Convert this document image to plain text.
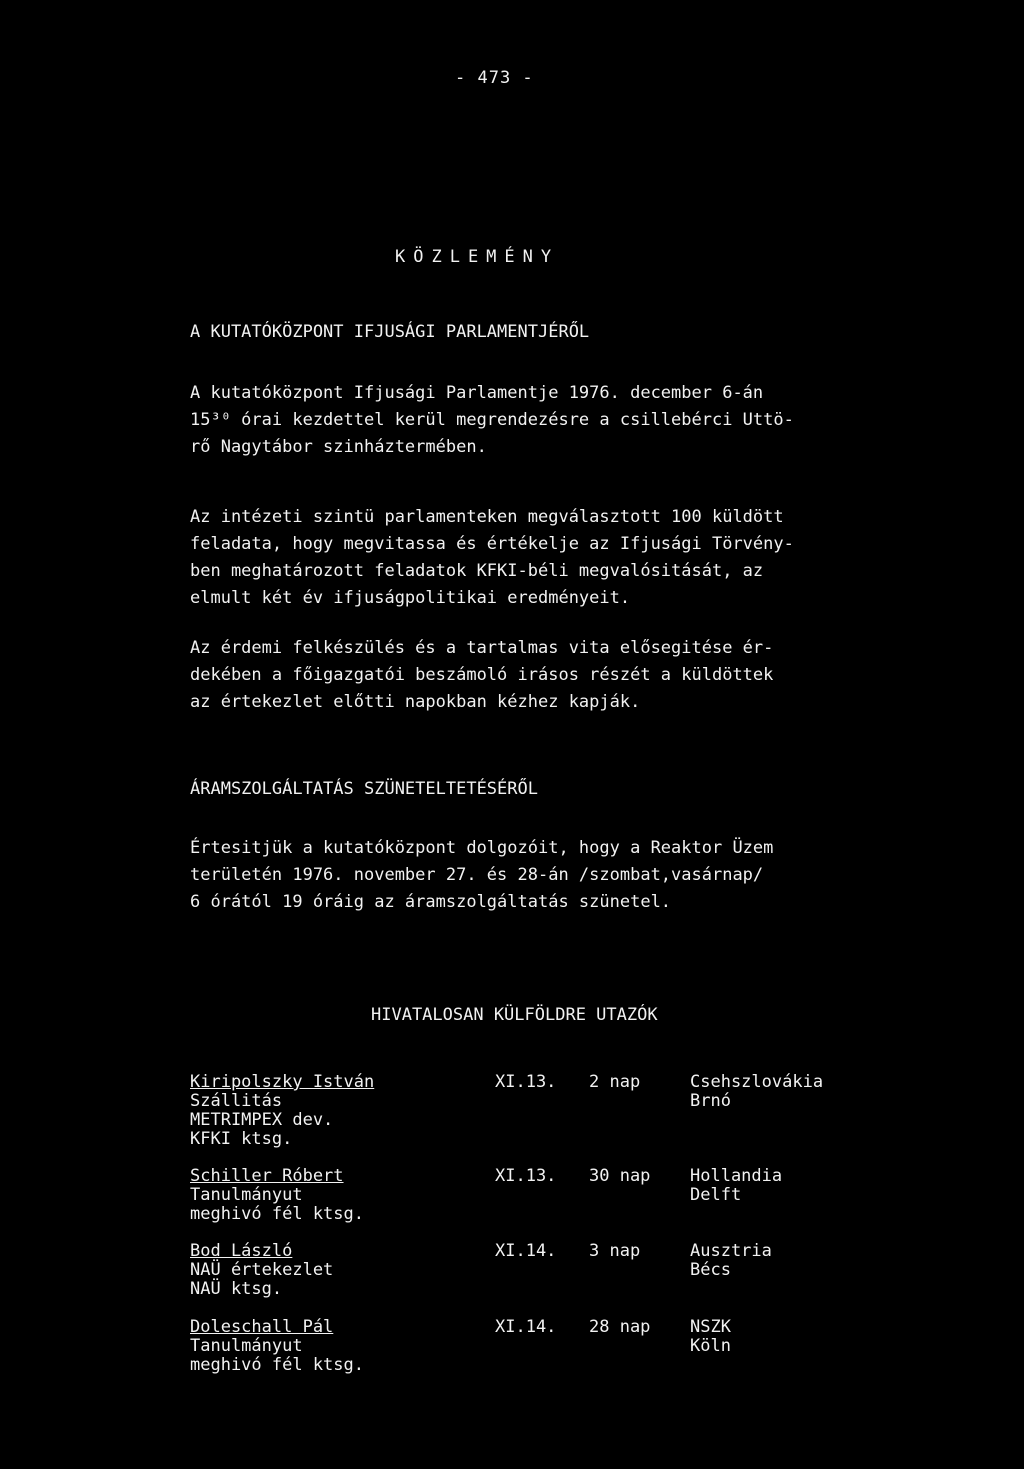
- 473 -
KÖZLEMÉNY
A KUTATÓKÖZPONT IFJUSÁGI PARLAMENTJÉRŐL
A kutatóközpont Ifjusági Parlamentje 1976. december 6-án
15³⁰ órai kezdettel kerül megrendezésre a csillebérci Uttö-
rő Nagytábor szinháztermében.
Az intézeti szintü parlamenteken megválasztott 100 küldött
feladata, hogy megvitassa és értékelje az Ifjusági Törvény-
ben meghatározott feladatok KFKI-béli megvalósitását, az
elmult két év ifjuságpolitikai eredményeit.
Az érdemi felkészülés és a tartalmas vita elősegitése ér-
dekében a főigazgatói beszámoló irásos részét a küldöttek
az értekezlet előtti napokban kézhez kapják.
ÁRAMSZOLGÁLTATÁS SZÜNETELTETÉSÉRŐL
Értesitjük a kutatóközpont dolgozóit, hogy a Reaktor Üzem
területén 1976. november 27. és 28-án /szombat,vasárnap/
6 órától 19 óráig az áramszolgáltatás szünetel.
HIVATALOSAN KÜLFÖLDRE UTAZÓK
Kiripolszky István
Szállitás
METRIMPEX dev.
KFKI ktsg.
XI.13. 2 nap	Csehszlovákia
Brnó
Schiller Róbert
Tanulmányut
meghivó fél ktsg.
XI.13. 30 nap Hollandia
Delft
Bod László
NAÜ értekezlet
NAÜ ktsg.
XI.14. 3 nap	Ausztria
Bécs
Doleschall Pál
Tanulmányut
meghivó fél ktsg.
XI.14. 28 nap NSZK
Köln
